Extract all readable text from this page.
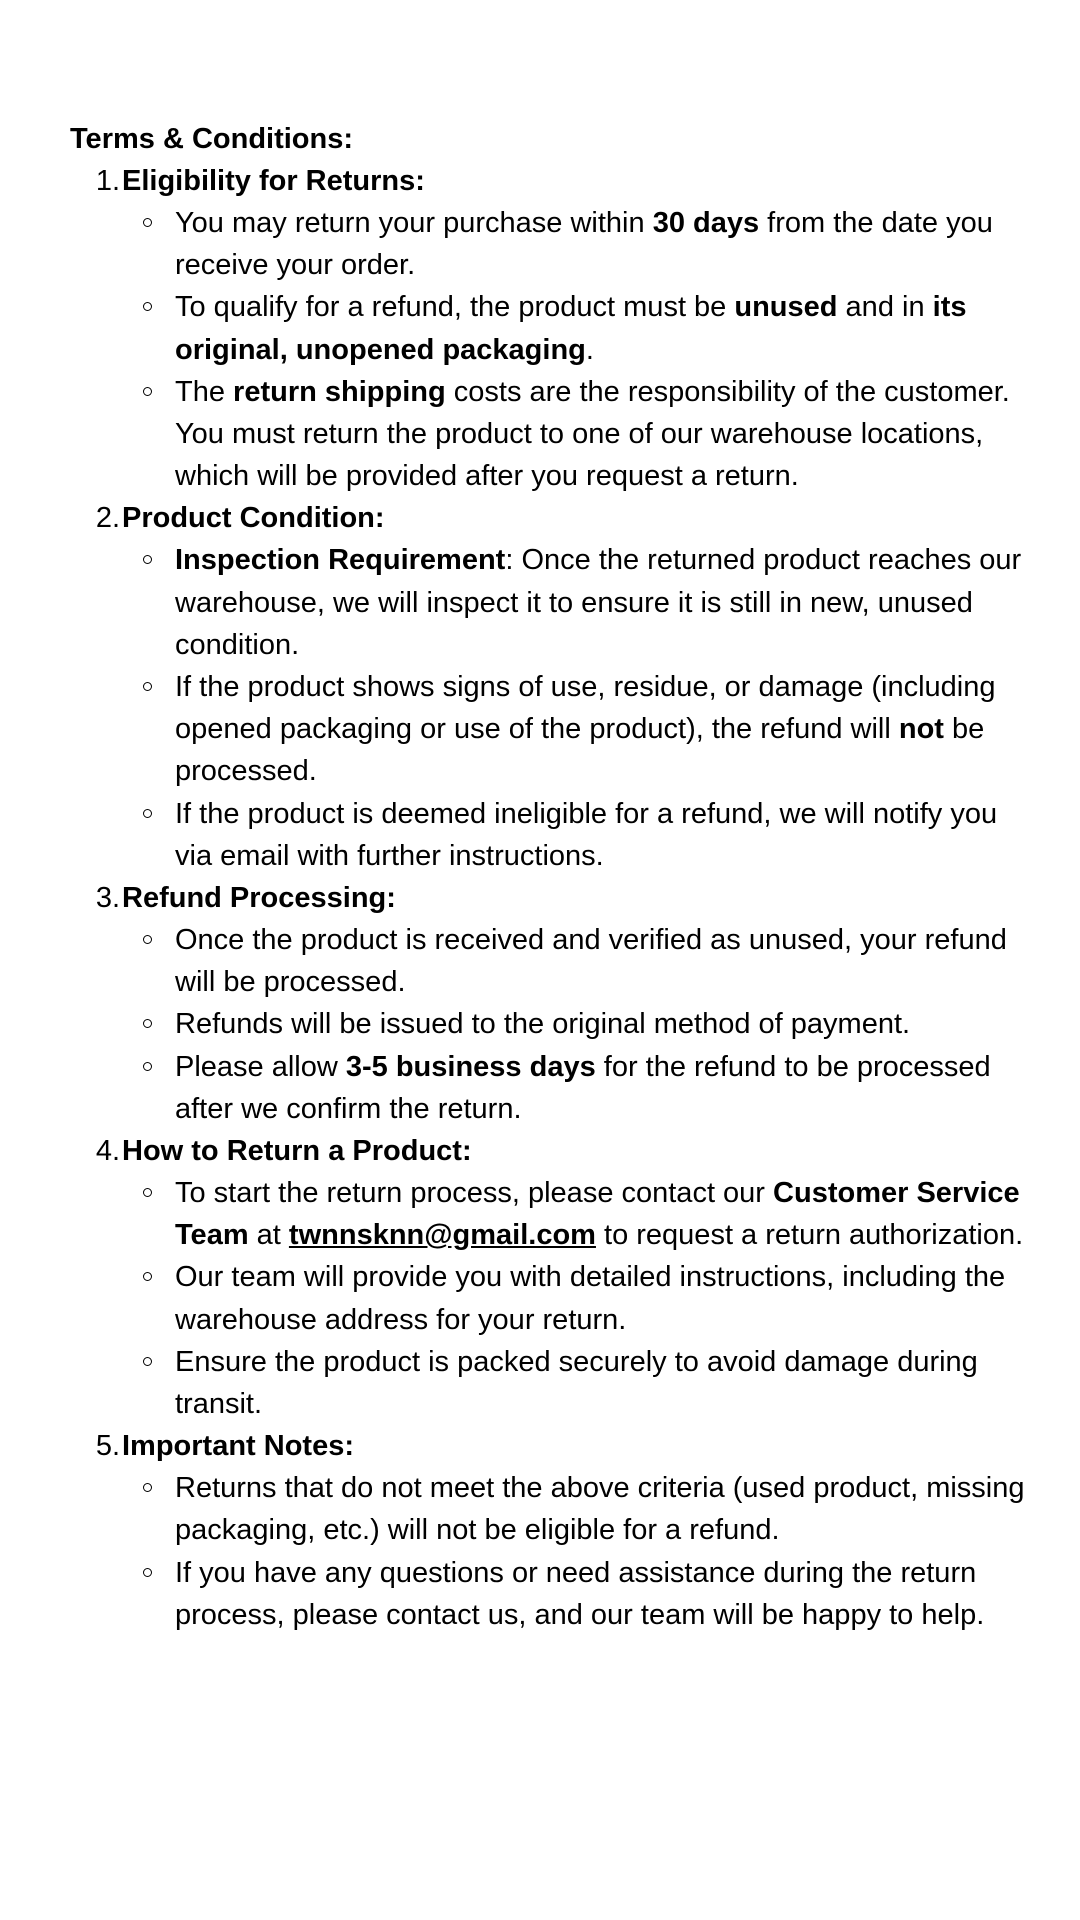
Terms & Conditions:
1. Eligibility for Returns:
You may return your purchase within 30 days from the date you receive your order.
To qualify for a refund, the product must be unused and in its original, unopened packaging.
The return shipping costs are the responsibility of the customer. You must return the product to one of our warehouse locations, which will be provided after you request a return.
2. Product Condition:
Inspection Requirement: Once the returned product reaches our warehouse, we will inspect it to ensure it is still in new, unused condition.
If the product shows signs of use, residue, or damage (including opened packaging or use of the product), the refund will not be processed.
If the product is deemed ineligible for a refund, we will notify you via email with further instructions.
3. Refund Processing:
Once the product is received and verified as unused, your refund will be processed.
Refunds will be issued to the original method of payment.
Please allow 3-5 business days for the refund to be processed after we confirm the return.
4. How to Return a Product:
To start the return process, please contact our Customer Service Team at twnnsknn@gmail.com to request a return authorization.
Our team will provide you with detailed instructions, including the warehouse address for your return.
Ensure the product is packed securely to avoid damage during transit.
5. Important Notes:
Returns that do not meet the above criteria (used product, missing packaging, etc.) will not be eligible for a refund.
If you have any questions or need assistance during the return process, please contact us, and our team will be happy to help.
